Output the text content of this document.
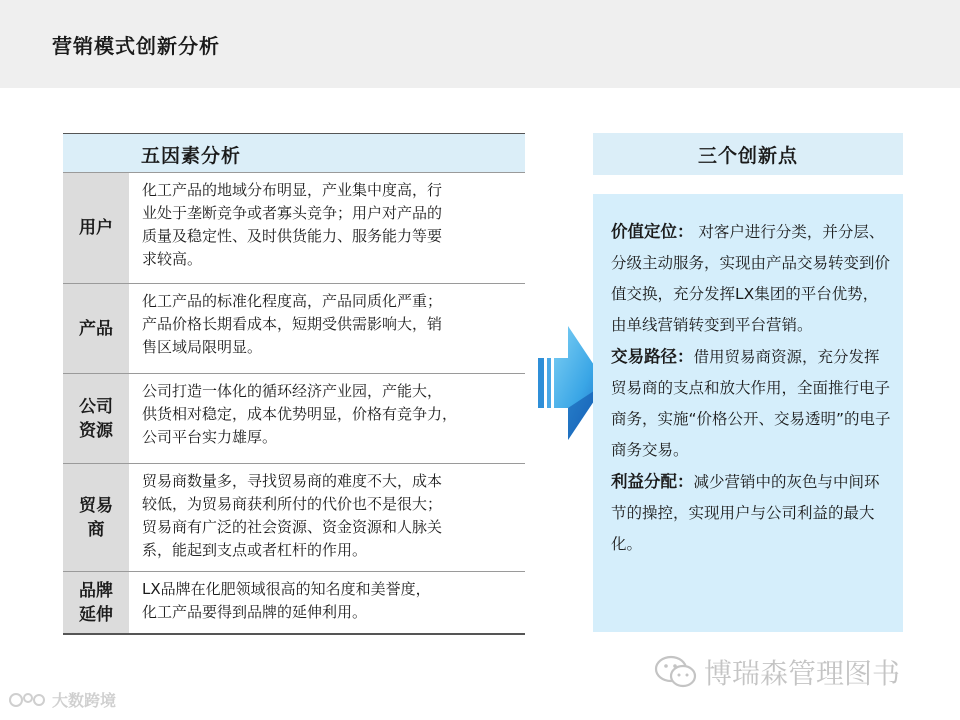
营销模式创新分析
五因素分析
用户
化工产品的地域分布明显，产业集中度高，行
业处于垄断竞争或者寡头竞争；用户对产品的
质量及稳定性、及时供货能力、服务能力等要
求较高。
产品
化工产品的标准化程度高，产品同质化严重；
产品价格长期看成本，短期受供需影响大，销
售区域局限明显。
公司
资源
公司打造一体化的循环经济产业园，产能大，
供货相对稳定，成本优势明显，价格有竞争力，
公司平台实力雄厚。
贸易
商
贸易商数量多，寻找贸易商的难度不大，成本
较低，为贸易商获利所付的代价也不是很大；
贸易商有广泛的社会资源、资金资源和人脉关
系，能起到支点或者杠杆的作用。
品牌
延伸
LX品牌在化肥领域很高的知名度和美誉度，
化工产品要得到品牌的延伸利用。
三个创新点
价值定位： 对客户进行分类，并分层、分级主动服务，实现由产品交易转变到价值交换，充分发挥LX集团的平台优势，由单线营销转变到平台营销。
交易路径：借用贸易商资源，充分发挥贸易商的支点和放大作用，全面推行电子商务，实施“价格公开、交易透明”的电子商务交易。
利益分配：减少营销中的灰色与中间环节的操控，实现用户与公司利益的最大化。
博瑞森管理图书
大数跨境
